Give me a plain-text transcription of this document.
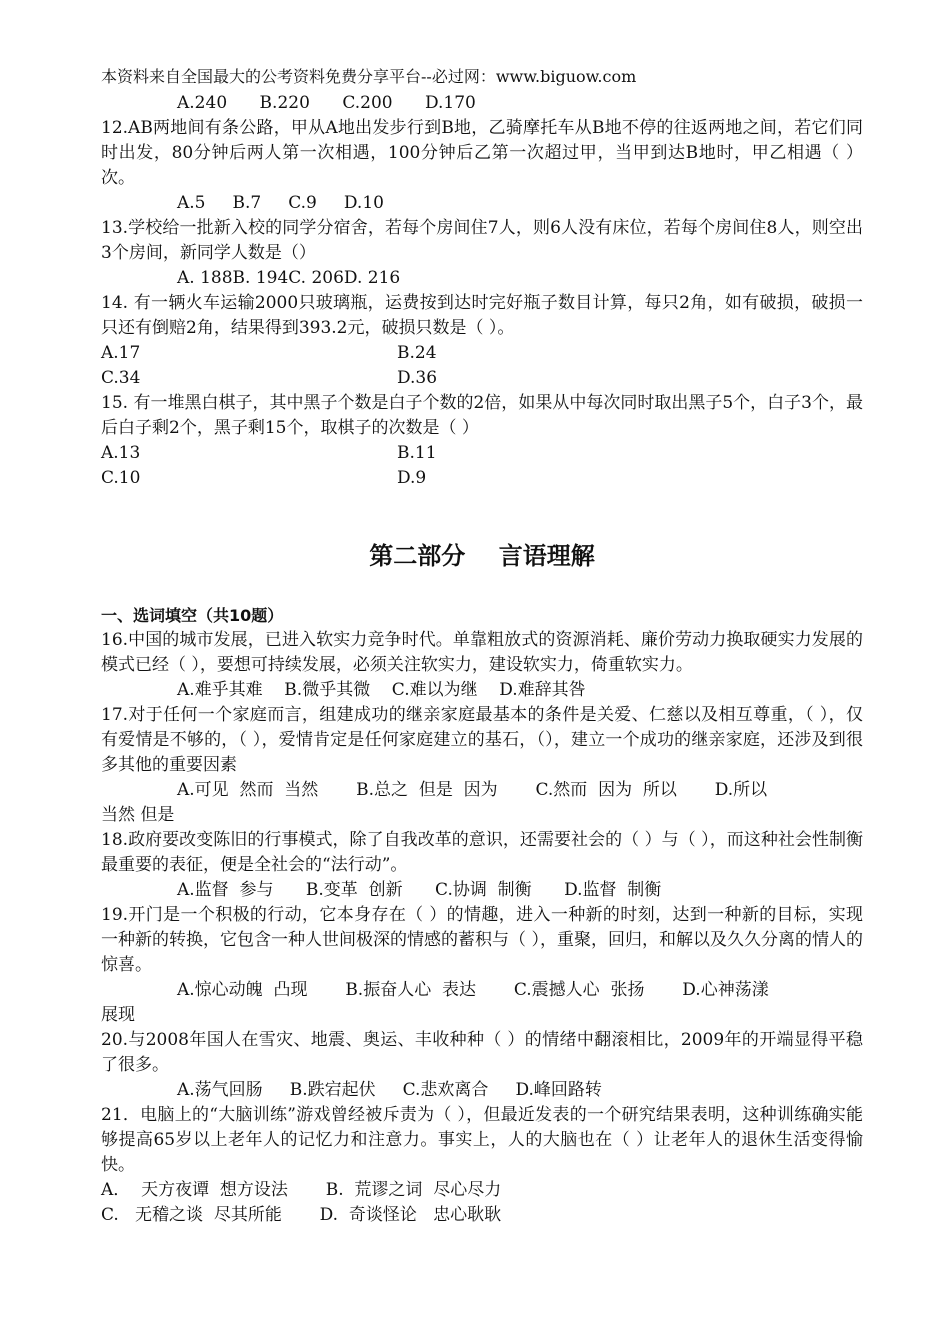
本资料来自全国最大的公考资料免费分享平台--必过网：www.biguow.com
A.240      B.220      C.200      D.170

12.AB两地间有条公路，甲从A地出发步行到B地，乙骑摩托车从B地不停的往返两地之间，若它们同时出发，80分钟后两人第一次相遇，100分钟后乙第一次超过甲，当甲到达B地时，甲乙相遇（ ）次。

A.5     B.7     C.9     D.10

13.学校给一批新入校的同学分宿舍，若每个房间住7人，则6人没有床位，若每个房间住8人，则空出3个房间，新同学人数是（）

A. 188B. 194C. 206D. 216

14. 有一辆火车运输2000只玻璃瓶，运费按到达时完好瓶子数目计算，每只2角，如有破损，破损一只还有倒赔2角，结果得到393.2元，破损只数是（ ）。

A.17	B.24
C.34	D.36

15. 有一堆黑白棋子，其中黑子个数是白子个数的2倍，如果从中每次同时取出黑子5个，白子3个，最后白子剩2个，黑子剩15个，取棋子的次数是（ ）

A.13	B.11
C.10	D.9
第二部分    言语理解
一、选词填空（共10题）

16.中国的城市发展，已进入软实力竞争时代。单靠粗放式的资源消耗、廉价劳动力换取硬实力发展的模式已经（ ），要想可持续发展，必须关注软实力，建设软实力，倚重软实力。

A.难乎其难    B.微乎其微    C.难以为继    D.难辞其咎

17.对于任何一个家庭而言，组建成功的继亲家庭最基本的条件是关爱、仁慈以及相互尊重，（ ），仅有爱情是不够的，（ ），爱情肯定是任何家庭建立的基石，（），建立一个成功的继亲家庭，还涉及到很多其他的重要因素

A.可见  然而  当然       B.总之  但是  因为       C.然而  因为  所以       D.所以
当然 但是

18.政府要改变陈旧的行事模式，除了自我改革的意识，还需要社会的（ ）与（ ），而这种社会性制衡最重要的表征，便是全社会的“法行动”。

A.监督  参与      B.变革  创新      C.协调  制衡      D.监督  制衡

19.开门是一个积极的行动，它本身存在（ ）的情趣，进入一种新的时刻，达到一种新的目标，实现一种新的转换，它包含一种人世间极深的情感的蓄积与（ ），重聚，回归，和解以及久久分离的情人的惊喜。

A.惊心动魄  凸现       B.振奋人心  表达       C.震撼人心  张扬       D.心神荡漾
展现

20.与2008年国人在雪灾、地震、奥运、丰收种种（ ）的情绪中翻滚相比，2009年的开端显得平稳了很多。

A.荡气回肠     B.跌宕起伏     C.悲欢离合     D.峰回路转

21．电脑上的“大脑训练”游戏曾经被斥责为（ ），但最近发表的一个研究结果表明，这种训练确实能够提高65岁以上老年人的记忆力和注意力。事实上，人的大脑也在（ ）让老年人的退休生活变得愉快。

A．  天方夜谭  想方设法       B.  荒谬之词  尽心尽力
C.   无稽之谈  尽其所能       D.  奇谈怪论   忠心耿耿
